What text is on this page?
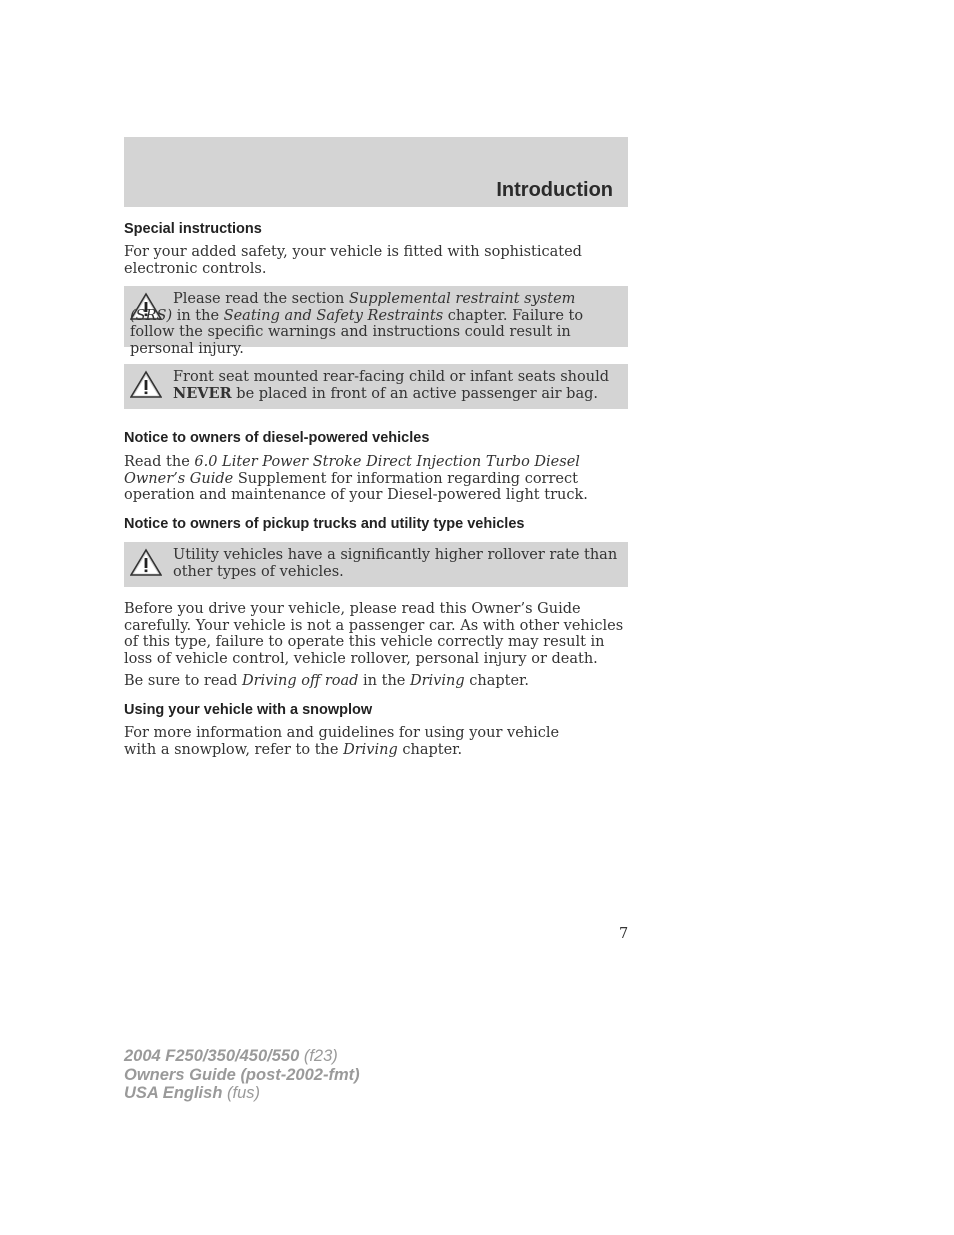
Introduction
Special instructions
For your added safety, your vehicle is fitted with sophisticated electronic controls.
Please read the section Supplemental restraint system (SRS) in the Seating and Safety Restraints chapter. Failure to follow the specific warnings and instructions could result in personal injury.
Front seat mounted rear-facing child or infant seats should NEVER be placed in front of an active passenger air bag.
Notice to owners of diesel-powered vehicles
Read the 6.0 Liter Power Stroke Direct Injection Turbo Diesel Owner’s Guide Supplement for information regarding correct operation and maintenance of your Diesel-powered light truck.
Notice to owners of pickup trucks and utility type vehicles
Utility vehicles have a significantly higher rollover rate than other types of vehicles.
Before you drive your vehicle, please read this Owner’s Guide carefully. Your vehicle is not a passenger car. As with other vehicles of this type, failure to operate this vehicle correctly may result in loss of vehicle control, vehicle rollover, personal injury or death.
Be sure to read Driving off road in the Driving chapter.
Using your vehicle with a snowplow
For more information and guidelines for using your vehicle with a snowplow, refer to the Driving chapter.
7
2004 F250/350/450/550 (f23)
Owners Guide (post-2002-fmt)
USA English (fus)
